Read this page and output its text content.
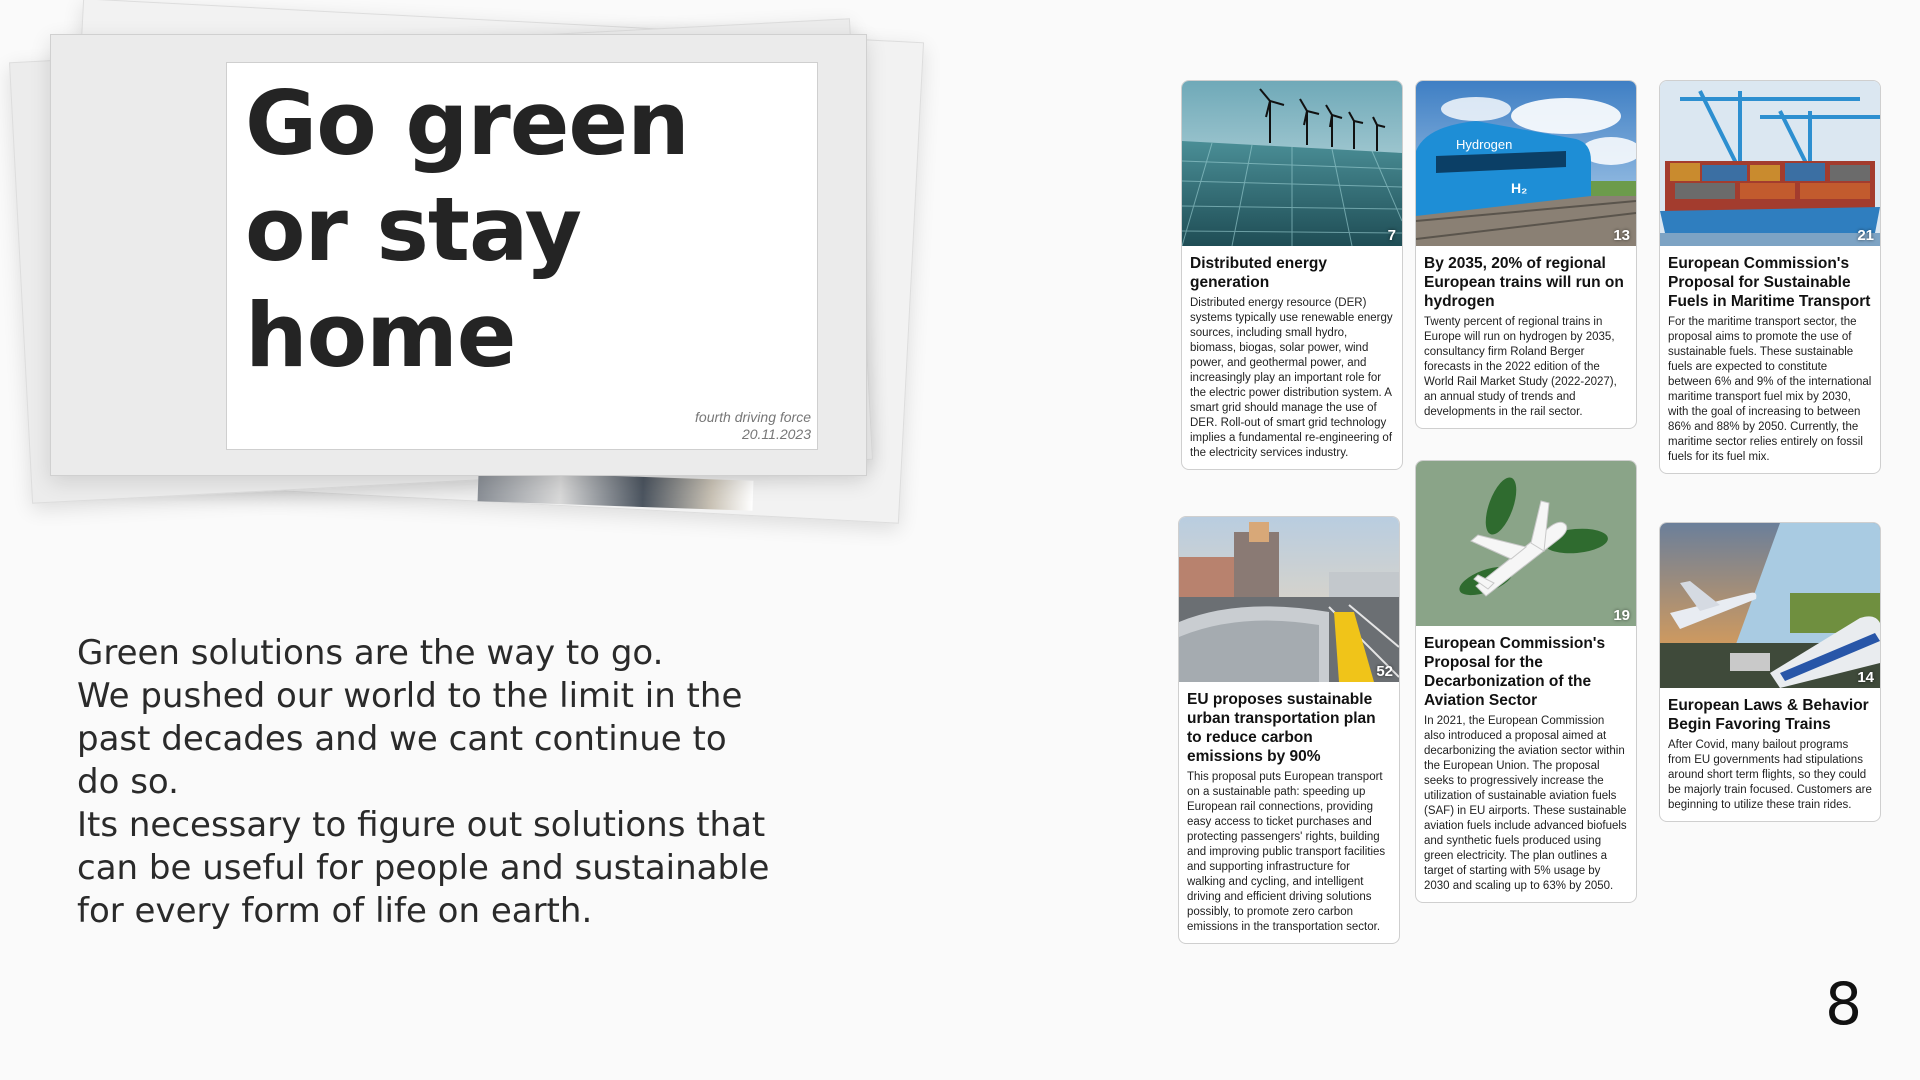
Go green
or stay
home
fourth driving force
20.11.2023
Green solutions are the way to go.
We pushed our world to the limit in the
past decades and we cant continue to
do so.
Its necessary to figure out solutions that
can be useful for people and sustainable
for every form of life on earth.
7
Distributed energy generation

Distributed energy resource (DER) systems typically use renewable energy sources, including small hydro, biomass, biogas, solar power, wind power, and geothermal power, and increasingly play an important role for the electric power distribution system. A smart grid should manage the use of DER. Roll-out of smart grid technology implies a fundamental re-engineering of the electricity services industry.

Hydrogen
H₂
13
By 2035, 20% of regional European trains will run on hydrogen

Twenty percent of regional trains in Europe will run on hydrogen by 2035, consultancy firm Roland Berger forecasts in the 2022 edition of the World Rail Market Study (2022-2027), an annual study of trends and developments in the rail sector.

21
European Commission's Proposal for Sustainable Fuels in Maritime Transport

For the maritime transport sector, the proposal aims to promote the use of sustainable fuels. These sustainable fuels are expected to constitute between 6% and 9% of the international maritime transport fuel mix by 2030, with the goal of increasing to between 86% and 88% by 2050. Currently, the maritime sector relies entirely on fossil fuels for its fuel mix.

52
EU proposes sustainable urban transportation plan to reduce carbon emissions by 90%

This proposal puts European transport on a sustainable path: speeding up European rail connections, providing easy access to ticket purchases and protecting passengers' rights, building and improving public transport facilities and supporting infrastructure for walking and cycling, and intelligent driving and efficient driving solutions possibly, to promote zero carbon emissions in the transportation sector.

19
European Commission's Proposal for the Decarbonization of the Aviation Sector

In 2021, the European Commission also introduced a proposal aimed at decarbonizing the aviation sector within the European Union. The proposal seeks to progressively increase the utilization of sustainable aviation fuels (SAF) in EU airports. These sustainable aviation fuels include advanced biofuels and synthetic fuels produced using green electricity. The plan outlines a target of starting with 5% usage by 2030 and scaling up to 63% by 2050.

14
European Laws & Behavior Begin Favoring Trains

After Covid, many bailout programs from EU governments had stipulations around short term flights, so they could be majorly train focused. Customers are beginning to utilize these train rides.

8
